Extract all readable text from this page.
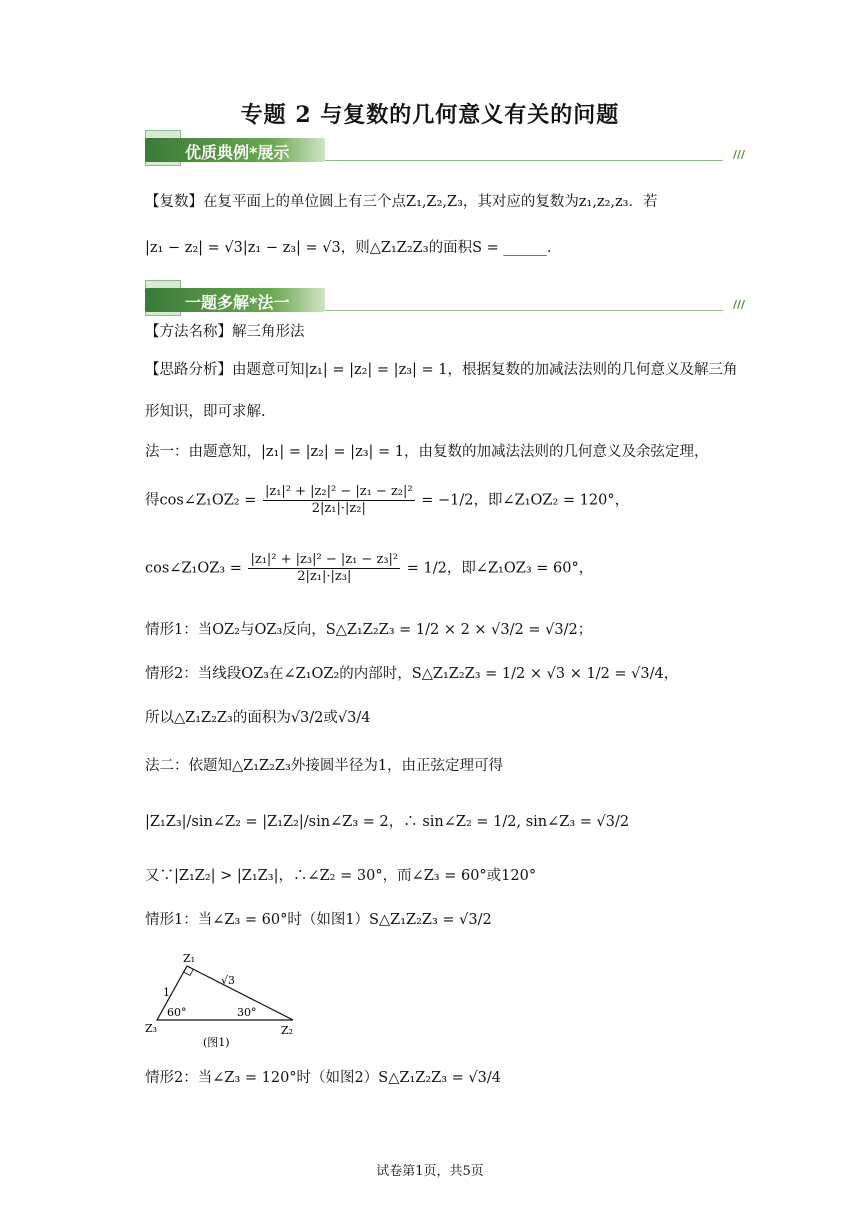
专题 2 与复数的几何意义有关的问题
优质典例*展示	///
【复数】在复平面上的单位圆上有三个点Z₁,Z₂,Z₃，其对应的复数为z₁,z₂,z₃．若
|z₁ − z₂| = √3|z₁ − z₃| = √3，则△Z₁Z₂Z₃的面积S = ______.
一题多解*法一	///
【方法名称】解三角形法
【思路分析】由题意可知|z₁| = |z₂| = |z₃| = 1，根据复数的加减法法则的几何意义及解三角
形知识，即可求解.
法一：由题意知，|z₁| = |z₂| = |z₃| = 1，由复数的加减法法则的几何意义及余弦定理，
得cos∠Z₁OZ₂ = $\frac{\text{|z₁|² + |z₂|² − |z₁ − z₂|²}}{\text{2|z₁|·|z₂|}} = -1/2$，即∠Z₁OZ₂ = 120°，
cos∠Z₁OZ₃ = $\frac{\text{|z₁|² + |z₃|² − |z₁ − z₃|²}}{\text{2|z₁|·|z₃|}} = 1/2$，即∠Z₁OZ₃ = 60°，
情形1：当OZ₂与OZ₃反向，S△Z₁Z₂Z₃ = 1/2 × 2 × √3/2 = √3/2；
情形2：当线段OZ₃在∠Z₁OZ₂的内部时，S△Z₁Z₂Z₃ = 1/2 × √3 × 1/2 = √3/4，
所以△Z₁Z₂Z₃的面积为√3/2或√3/4
法二：依题知△Z₁Z₂Z₃外接圆半径为1，由正弦定理可得
|Z₁Z₃|/sin∠Z₂ = |Z₁Z₂|/sin∠Z₃ = 2，∴ sin∠Z₂ = 1/2, sin∠Z₃ = √3/2
又∵|Z₁Z₂| > |Z₁Z₃|，∴∠Z₂ = 30°，而∠Z₃ = 60°或120°
情形1：当∠Z₃ = 60°时（如图1）S△Z₁Z₂Z₃ = √3/2
Z₁
Z₂
Z₃
1
√3
60°	30°
(图1)
情形2：当∠Z₃ = 120°时（如图2）S△Z₁Z₂Z₃ = √3/4
试卷第1页，共5页
